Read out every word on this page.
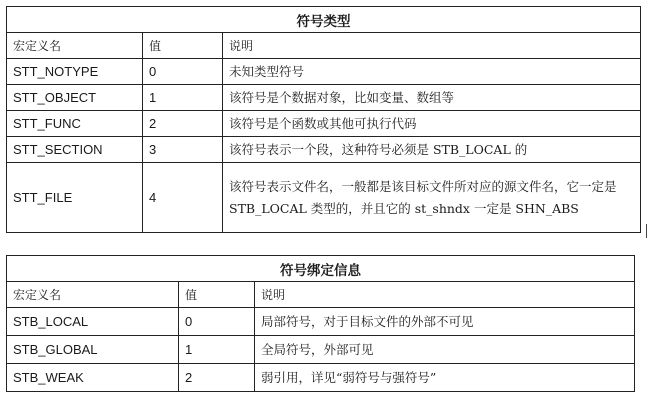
符号类型		
宏定义名	值	说明
STT_NOTYPE	0	未知类型符号
STT_OBJECT	1	该符号是个数据对象，比如变量、数组等
STT_FUNC	2	该符号是个函数或其他可执行代码
STT_SECTION	3	该符号表示一个段，这种符号必须是 STB_LOCAL 的
STT_FILE	4	该符号表示文件名，一般都是该目标文件所对应的源文件名，它一定是 STB_LOCAL 类型的，并且它的 st_shndx 一定是 SHN_ABS
符号绑定信息		
宏定义名	值	说明
STB_LOCAL	0	局部符号，对于目标文件的外部不可见
STB_GLOBAL	1	全局符号，外部可见
STB_WEAK	2	弱引用，详见“弱符号与强符号”
